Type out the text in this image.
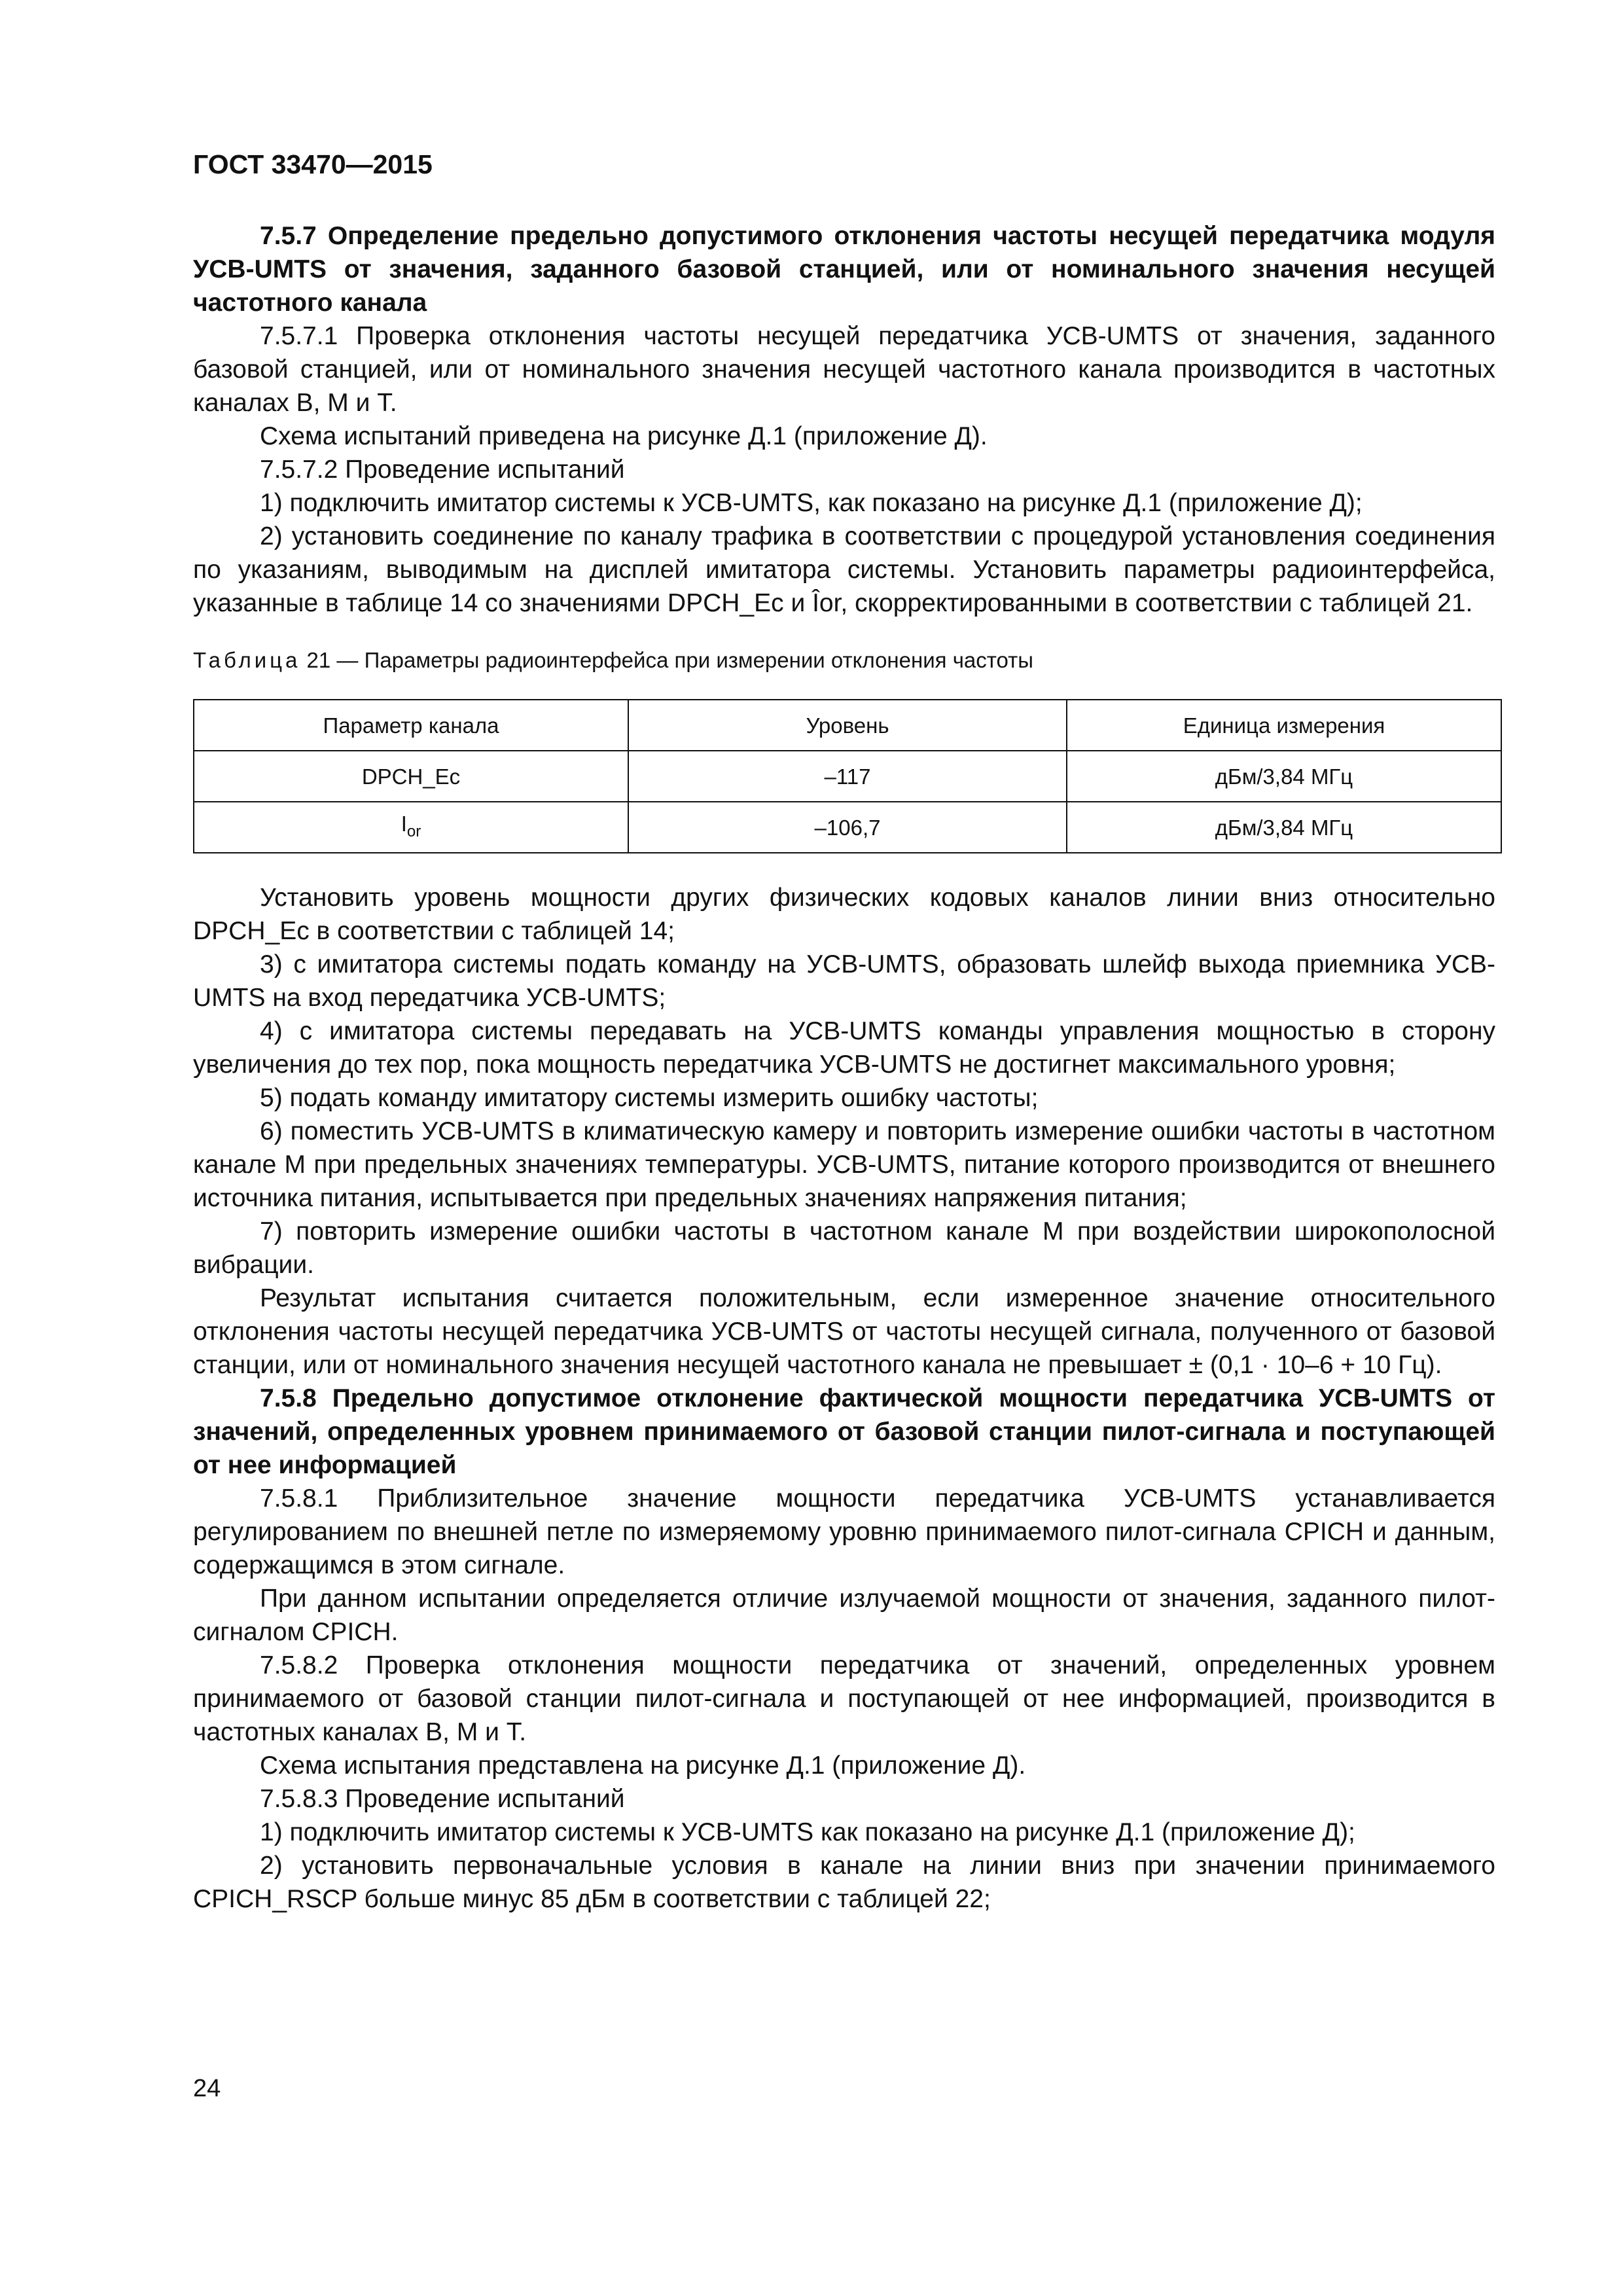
ГОСТ 33470—2015

7.5.7 Определение предельно допустимого отклонения частоты несущей передатчика модуля УСВ-UMTS от значения, заданного базовой станцией, или от номинального значения несущей частотного канала

7.5.7.1 Проверка отклонения частоты несущей передатчика УСВ-UMTS от значения, заданного базовой станцией, или от номинального значения несущей частотного канала производится в частотных каналах B, M и T.

Схема испытаний приведена на рисунке Д.1 (приложение Д).

7.5.7.2 Проведение испытаний

1) подключить имитатор системы к УСВ-UMTS, как показано на рисунке Д.1 (приложение Д);

2) установить соединение по каналу трафика в соответствии с процедурой установления соединения по указаниям, выводимым на дисплей имитатора системы. Установить параметры радиоинтерфейса, указанные в таблице 14 со значениями DPCH_Ec и Îor, скорректированными в соответствии с таблицей 21.

Таблица 21 — Параметры радиоинтерфейса при измерении отклонения частоты

Параметр канала	Уровень	Единица измерения
DPCH_Ec	–117	дБм/3,84 МГц
$I_{or}$	–106,7	дБм/3,84 МГц

Установить уровень мощности других физических кодовых каналов линии вниз относительно DPCH_Ec в соответствии с таблицей 14;

3) с имитатора системы подать команду на УСВ-UMTS, образовать шлейф выхода приемника УСВ-UMTS на вход передатчика УСВ-UMTS;

4) с имитатора системы передавать на УСВ-UMTS команды управления мощностью в сторону увеличения до тех пор, пока мощность передатчика УСВ-UMTS не достигнет максимального уровня;

5) подать команду имитатору системы измерить ошибку частоты;

6) поместить УСВ-UMTS в климатическую камеру и повторить измерение ошибки частоты в частотном канале M при предельных значениях температуры. УСВ-UMTS, питание которого производится от внешнего источника питания, испытывается при предельных значениях напряжения питания;

7) повторить измерение ошибки частоты в частотном канале M при воздействии широкополосной вибрации.

Результат испытания считается положительным, если измеренное значение относительного отклонения частоты несущей передатчика УСВ-UMTS от частоты несущей сигнала, полученного от базовой станции, или от номинального значения несущей частотного канала не превышает ± (0,1 · 10–6 + 10 Гц).

7.5.8 Предельно допустимое отклонение фактической мощности передатчика УСВ-UMTS от значений, определенных уровнем принимаемого от базовой станции пилот-сигнала и поступающей от нее информацией

7.5.8.1 Приблизительное значение мощности передатчика УСВ-UMTS устанавливается регулированием по внешней петле по измеряемому уровню принимаемого пилот-сигнала CPICH и данным, содержащимся в этом сигнале.

При данном испытании определяется отличие излучаемой мощности от значения, заданного пилот-сигналом CPICH.

7.5.8.2 Проверка отклонения мощности передатчика от значений, определенных уровнем принимаемого от базовой станции пилот-сигнала и поступающей от нее информацией, производится в частотных каналах B, M и T.

Схема испытания представлена на рисунке Д.1 (приложение Д).

7.5.8.3 Проведение испытаний

1) подключить имитатор системы к УСВ-UMTS как показано на рисунке Д.1 (приложение Д);

2) установить первоначальные условия в канале на линии вниз при значении принимаемого CPICH_RSCP больше минус 85 дБм в соответствии с таблицей 22;

24
